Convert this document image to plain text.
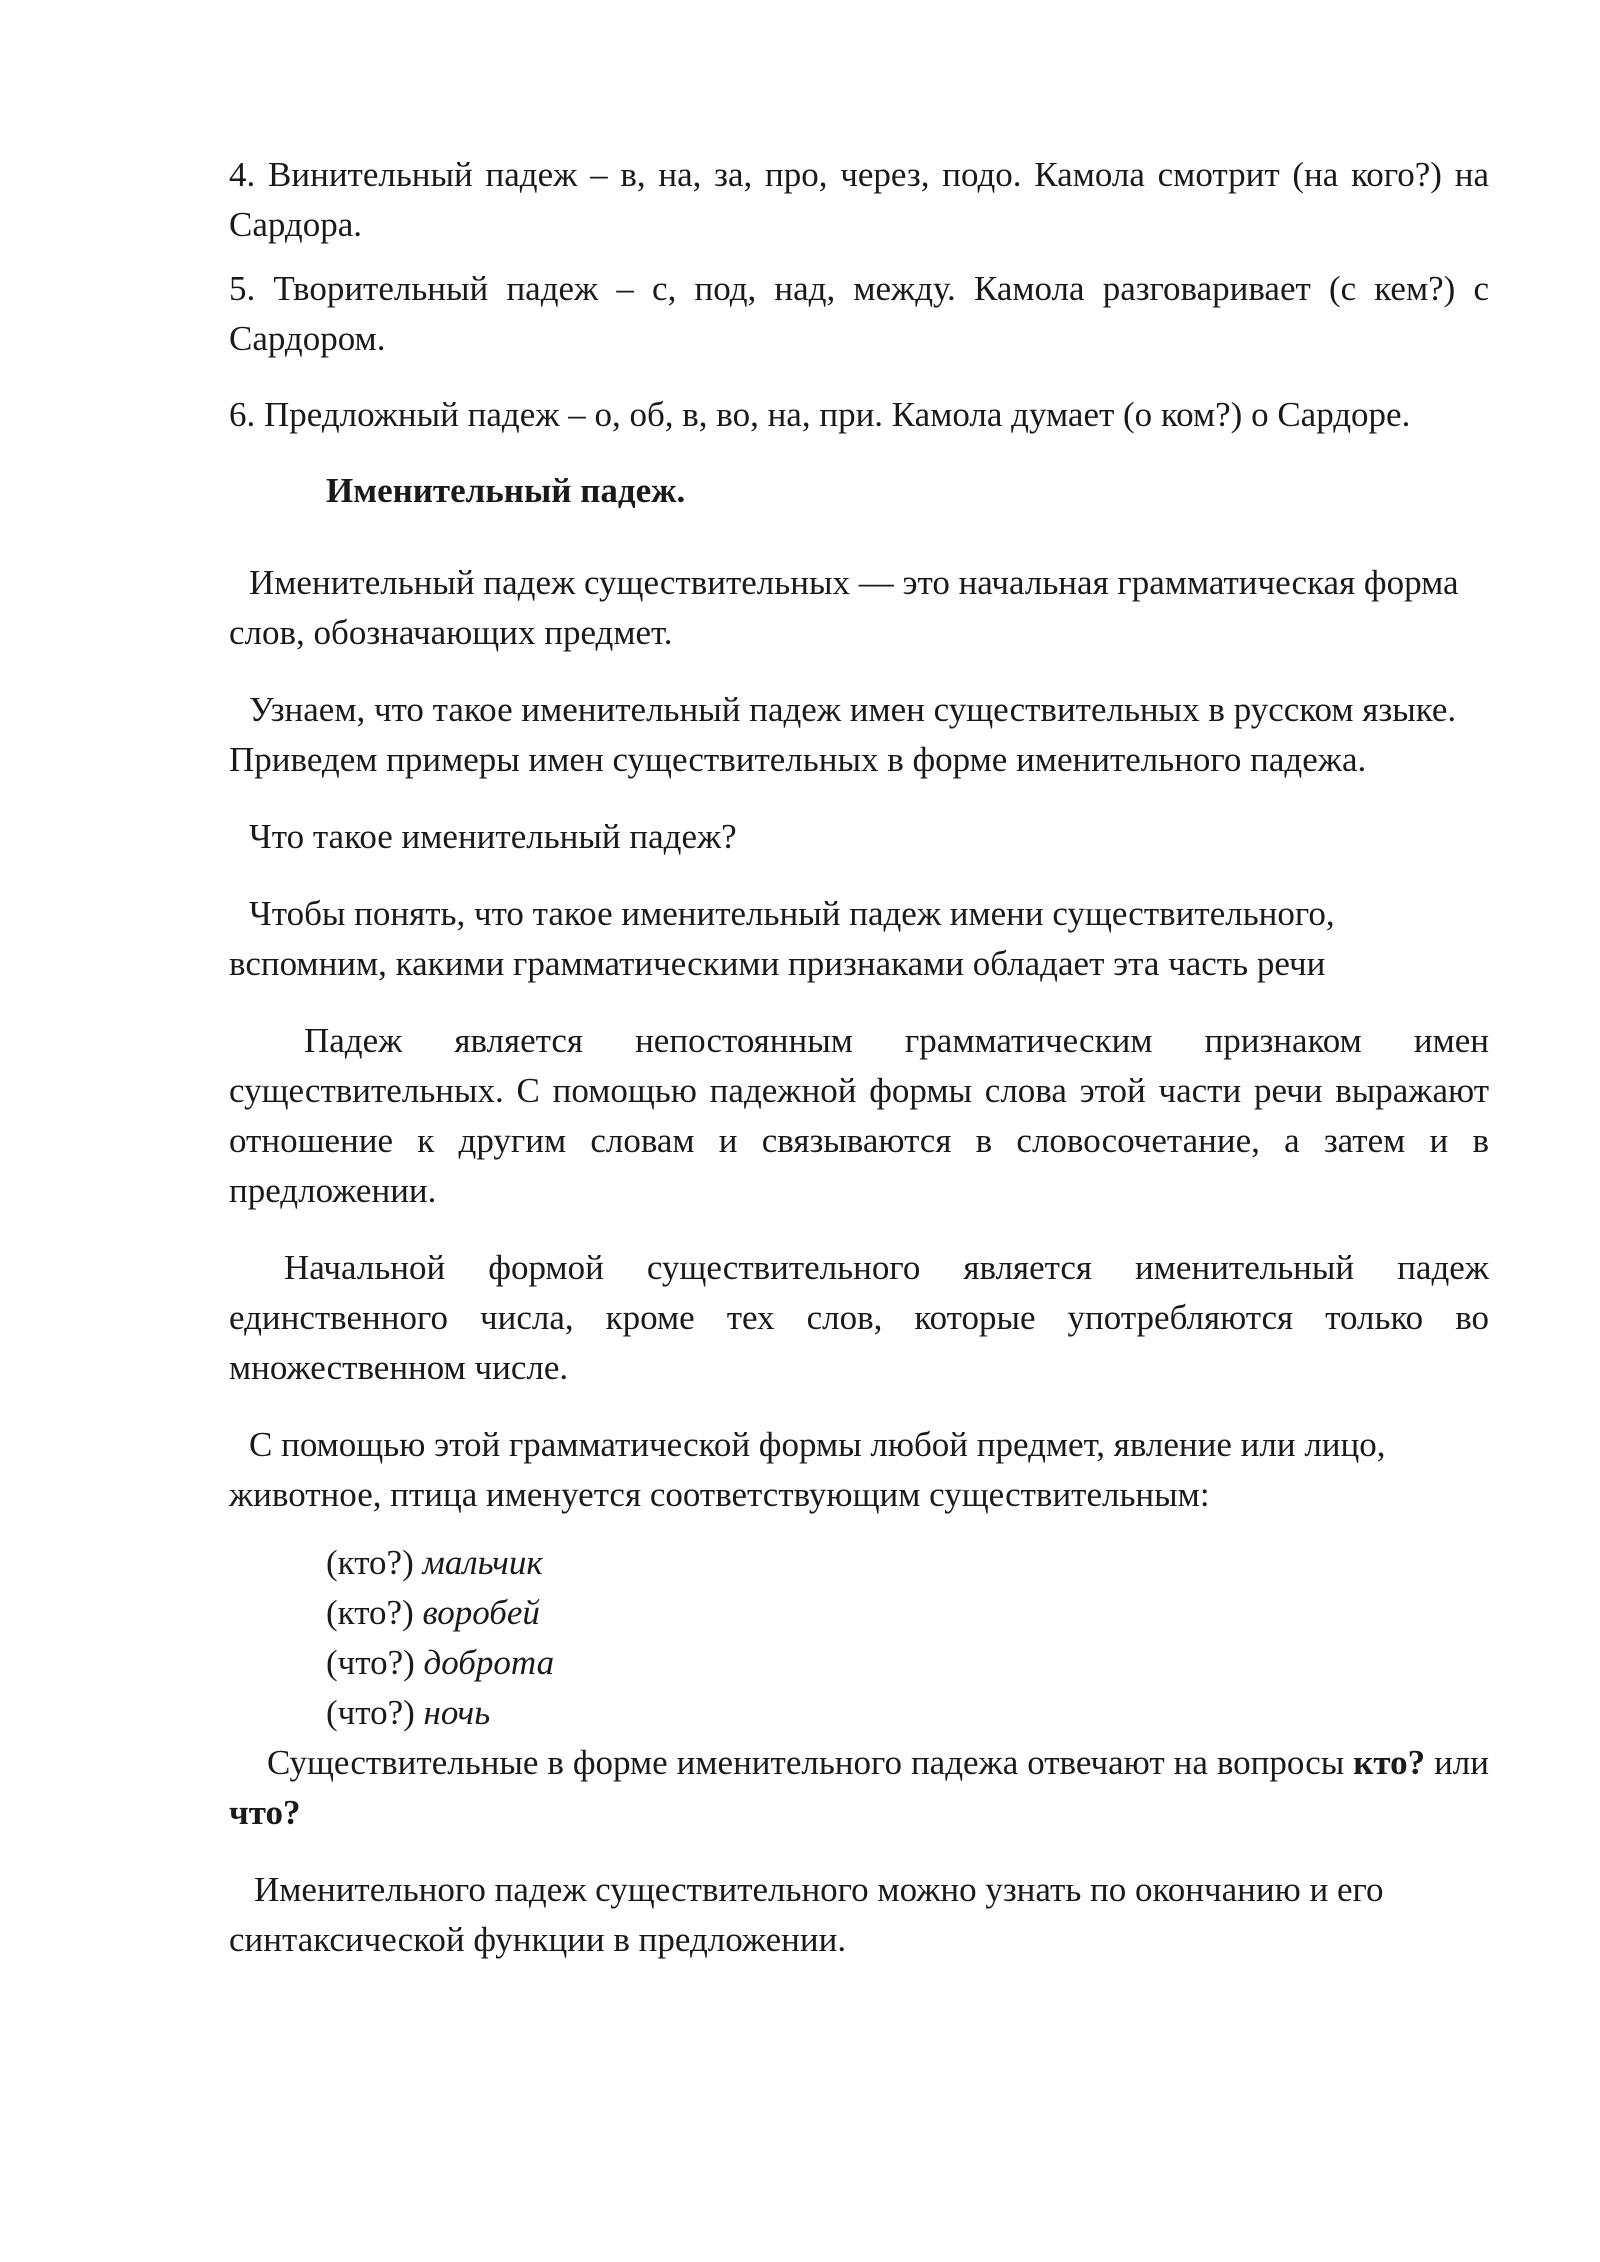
4. Винительный падеж – в, на, за, про, через, подо. Камола смотрит (на кого?) на Сардора.

5. Творительный падеж – с, под, над, между. Камола разговаривает (с кем?) с Сардором.

6. Предложный падеж – о, об, в, во, на, при. Камола думает (о ком?) о Сардоре.

Именительный падеж.

Именительный падеж существительных — это начальная грамматическая форма слов, обозначающих предмет.

Узнаем, что такое именительный падеж имен существительных в русском языке. Приведем примеры имен существительных в форме именительного падежа.

Что такое именительный падеж?

Чтобы понять, что такое именительный падеж имени существительного, вспомним, какими грамматическими признаками обладает эта часть речи

Падеж является непостоянным грамматическим признаком имен существительных. С помощью падежной формы слова этой части речи выражают отношение к другим словам и связываются в словосочетание, а затем и в предложении.

Начальной формой существительного является именительный падеж единственного числа, кроме тех слов, которые употребляются только во множественном числе.

С помощью этой грамматической формы любой предмет, явление или лицо, животное, птица именуется соответствующим существительным:

(кто?) мальчик
(кто?) воробей
(что?) доброта
(что?) ночь

Существительные в форме именительного падежа отвечают на вопросы кто? или что?

Именительного падеж существительного можно узнать по окончанию и его синтаксической функции в предложении.
